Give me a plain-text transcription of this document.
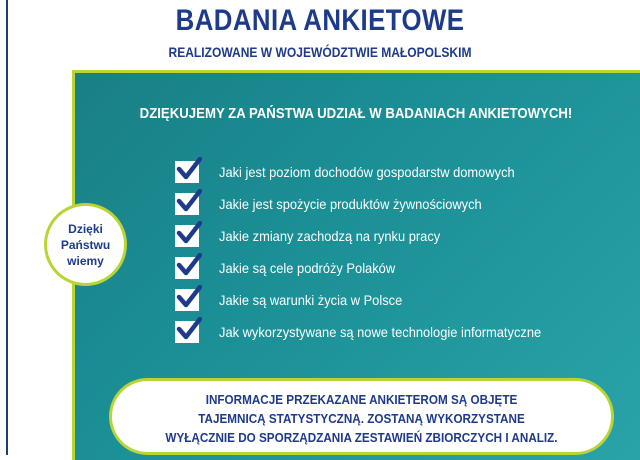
BADANIA ANKIETOWE
REALIZOWANE W WOJEWÓDZTWIE MAŁOPOLSKIM
DZIĘKUJEMY ZA PAŃSTWA UDZIAŁ W BADANIACH ANKIETOWYCH!
Jaki jest poziom dochodów gospodarstw domowych
Jakie jest spożycie produktów żywnościowych
Jakie zmiany zachodzą na rynku pracy
Jakie są cele podróży Polaków
Jakie są warunki życia w Polsce
Jak wykorzystywane są nowe technologie informatyczne
Dzięki
Państwu
wiemy
INFORMACJE PRZEKAZANE ANKIETEROM SĄ OBJĘTE
TAJEMNICĄ STATYSTYCZNĄ. ZOSTANĄ WYKORZYSTANE
WYŁĄCZNIE DO SPORZĄDZANIA ZESTAWIEŃ ZBIORCZYCH I ANALIZ.
